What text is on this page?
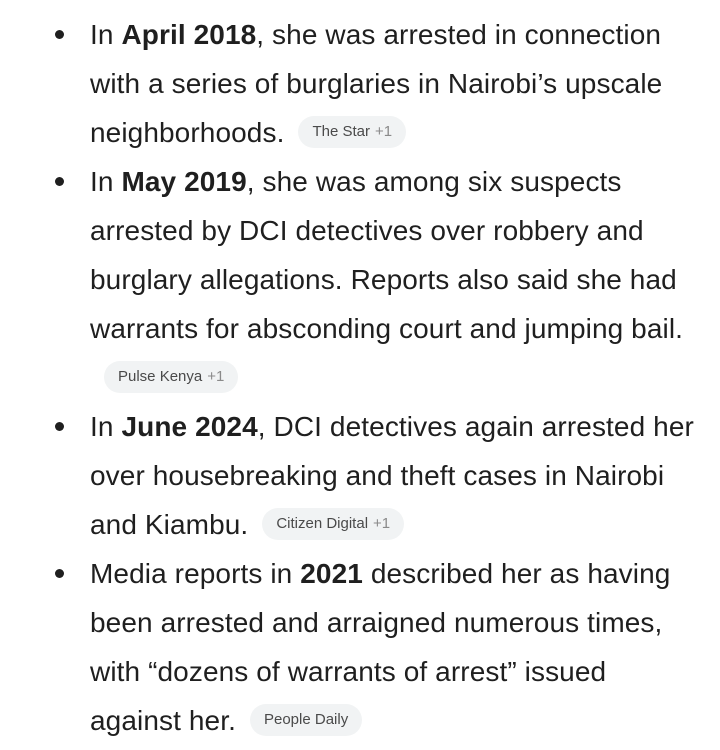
In April 2018, she was arrested in connection with a series of burglaries in Nairobi’s upscale neighborhoods. The Star +1
In May 2019, she was among six suspects arrested by DCI detectives over robbery and burglary allegations. Reports also said she had warrants for absconding court and jumping bail.Pulse Kenya +1
In June 2024, DCI detectives again arrested her over housebreaking and theft cases in Nairobi and Kiambu. Citizen Digital +1
Media reports in 2021 described her as having been arrested and arraigned numerous times, with “dozens of warrants of arrest” issued against her. People Daily
